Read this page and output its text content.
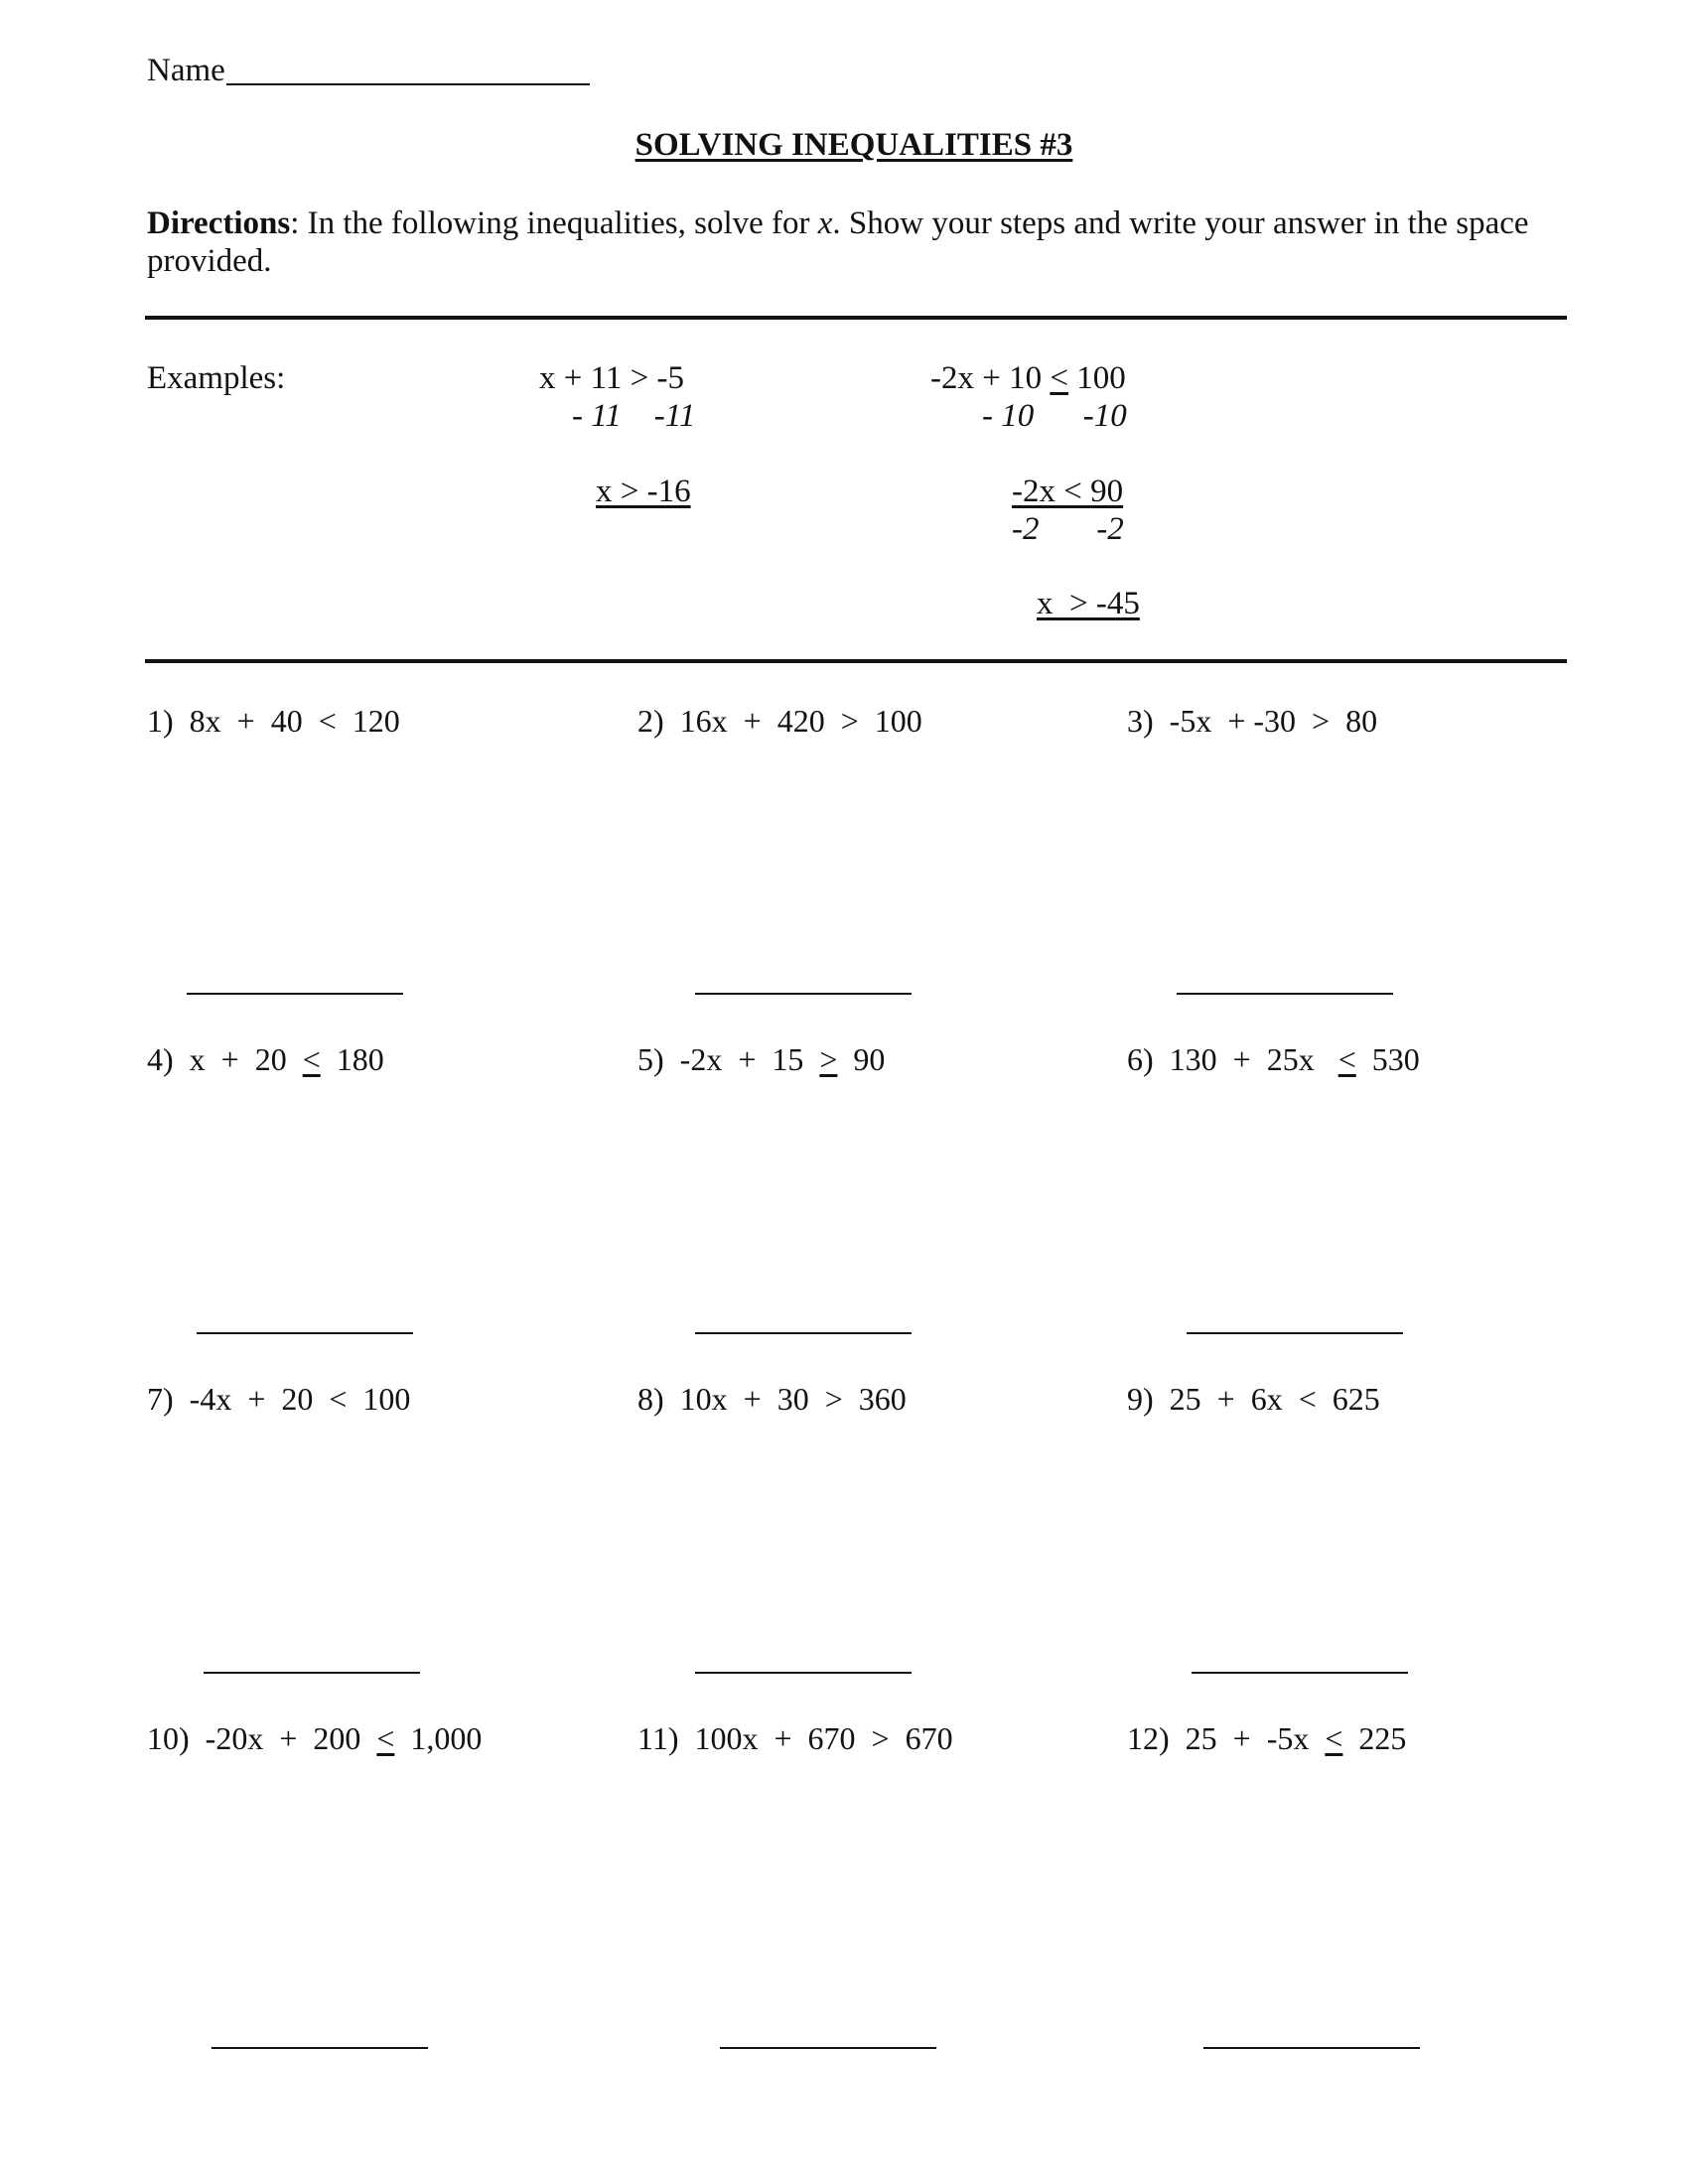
Name
SOLVING INEQUALITIES #3
Directions: In the following inequalities, solve for x. Show your steps and write your answer in the space provided.
Examples:	x + 11 > -5
- 11    -11
x > -16
-2x + 10 < 100
- 10      -10
-2x < 90
-2       -2
x  > -45
1)  8x  +  40  <  120	2)  16x  +  420  >  100	3)  -5x  + -30  >  80
4)  x  +  20  <  180	5)  -2x  +  15  >  90	6)  130  +  25x   <  530
7)  -4x  +  20  <  100	8)  10x  +  30  >  360	9)  25  +  6x  <  625
10)  -20x  +  200  <  1,000	11)  100x  +  670  >  670	12)  25  +  -5x  <  225
